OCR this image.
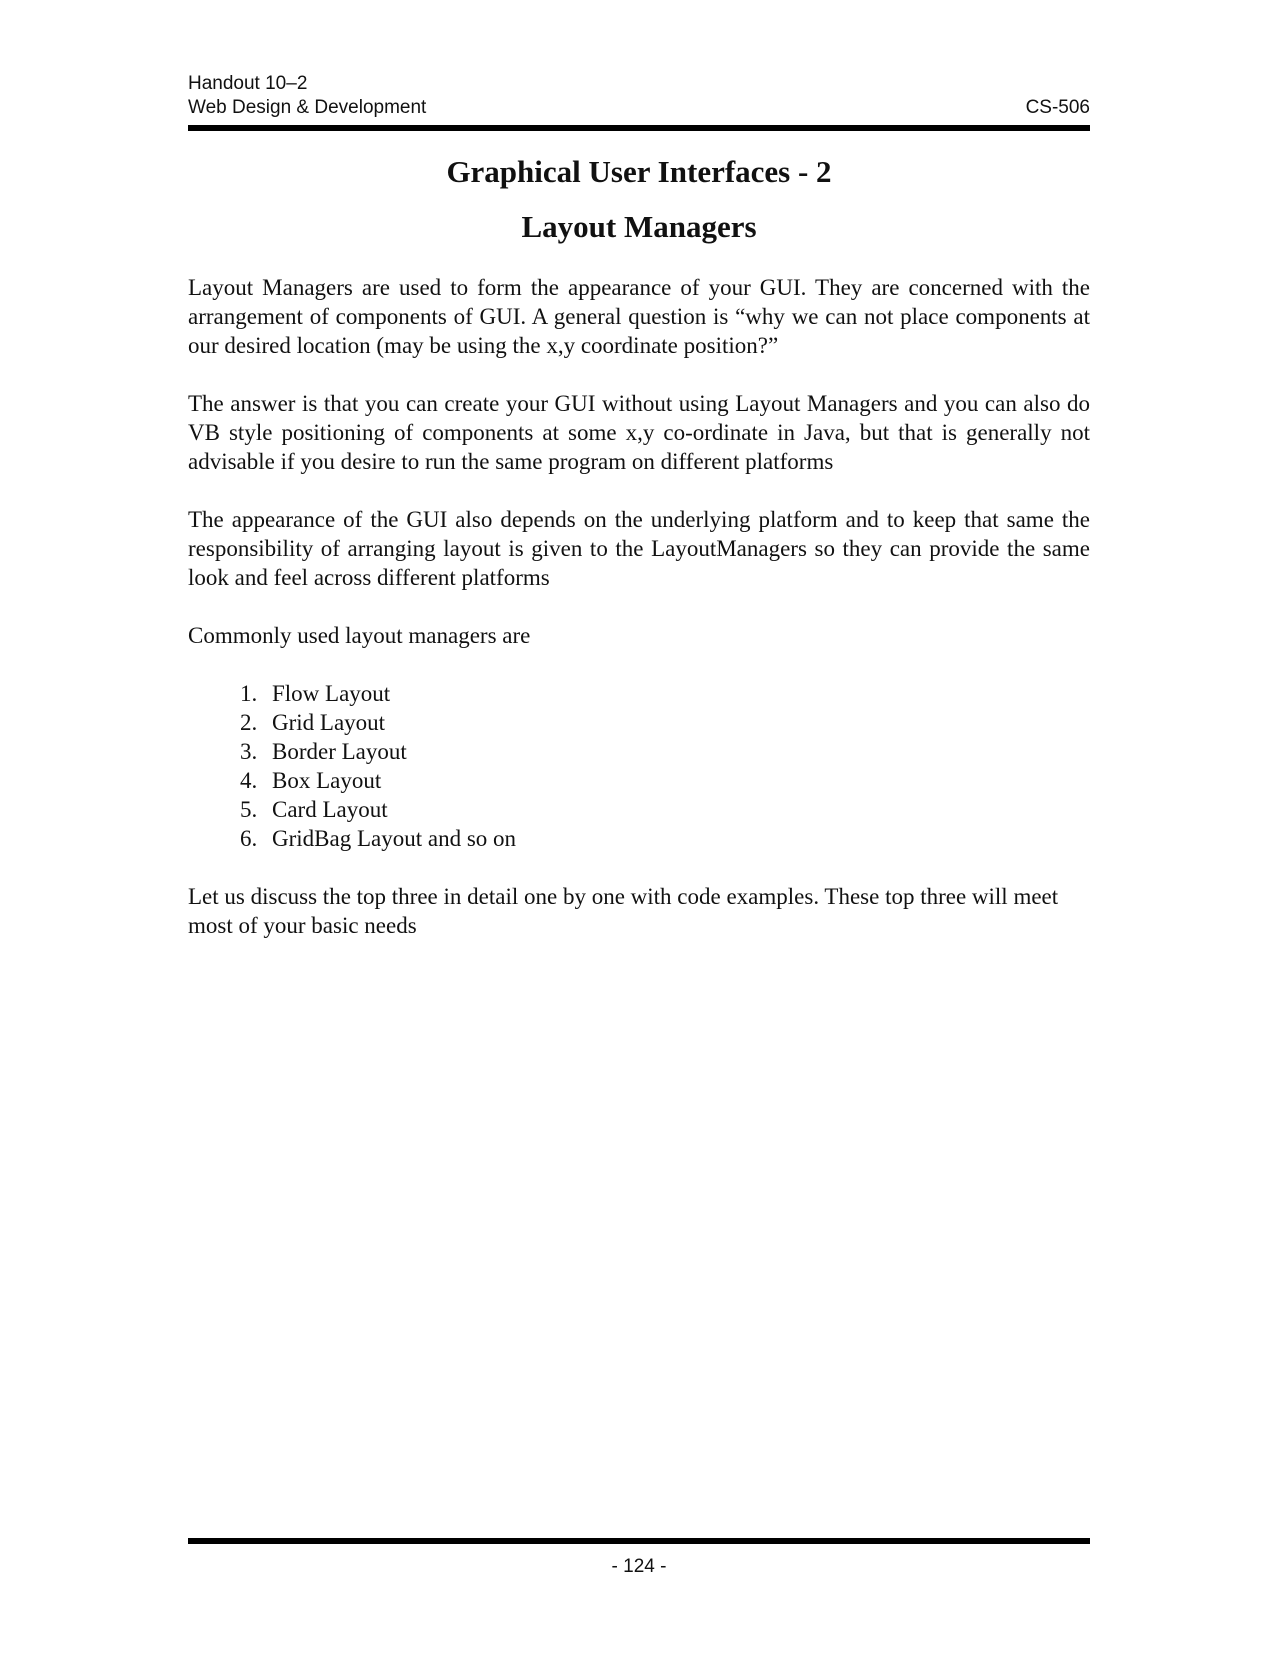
Handout 10–2
Web Design & Development	CS-506
Graphical User Interfaces - 2
Layout Managers

Layout Managers are used to form the appearance of your GUI. They are concerned with the arrangement of components of GUI. A general question is “why we can not place components at our desired location (may be using the x,y coordinate position?”

The answer is that you can create your GUI without using Layout Managers and you can also do VB style positioning of components at some x,y co-ordinate in Java, but that is generally not advisable if you desire to run the same program on different platforms

The appearance of the GUI also depends on the underlying platform and to keep that same the responsibility of arranging layout is given to the LayoutManagers so they can provide the same look and feel across different platforms

Commonly used layout managers are

1. Flow Layout
2. Grid Layout
3. Border Layout
4. Box Layout
5. Card Layout
6. GridBag Layout and so on

Let us discuss the top three in detail one by one with code examples. These top three will meet most of your basic needs

- 124 -
